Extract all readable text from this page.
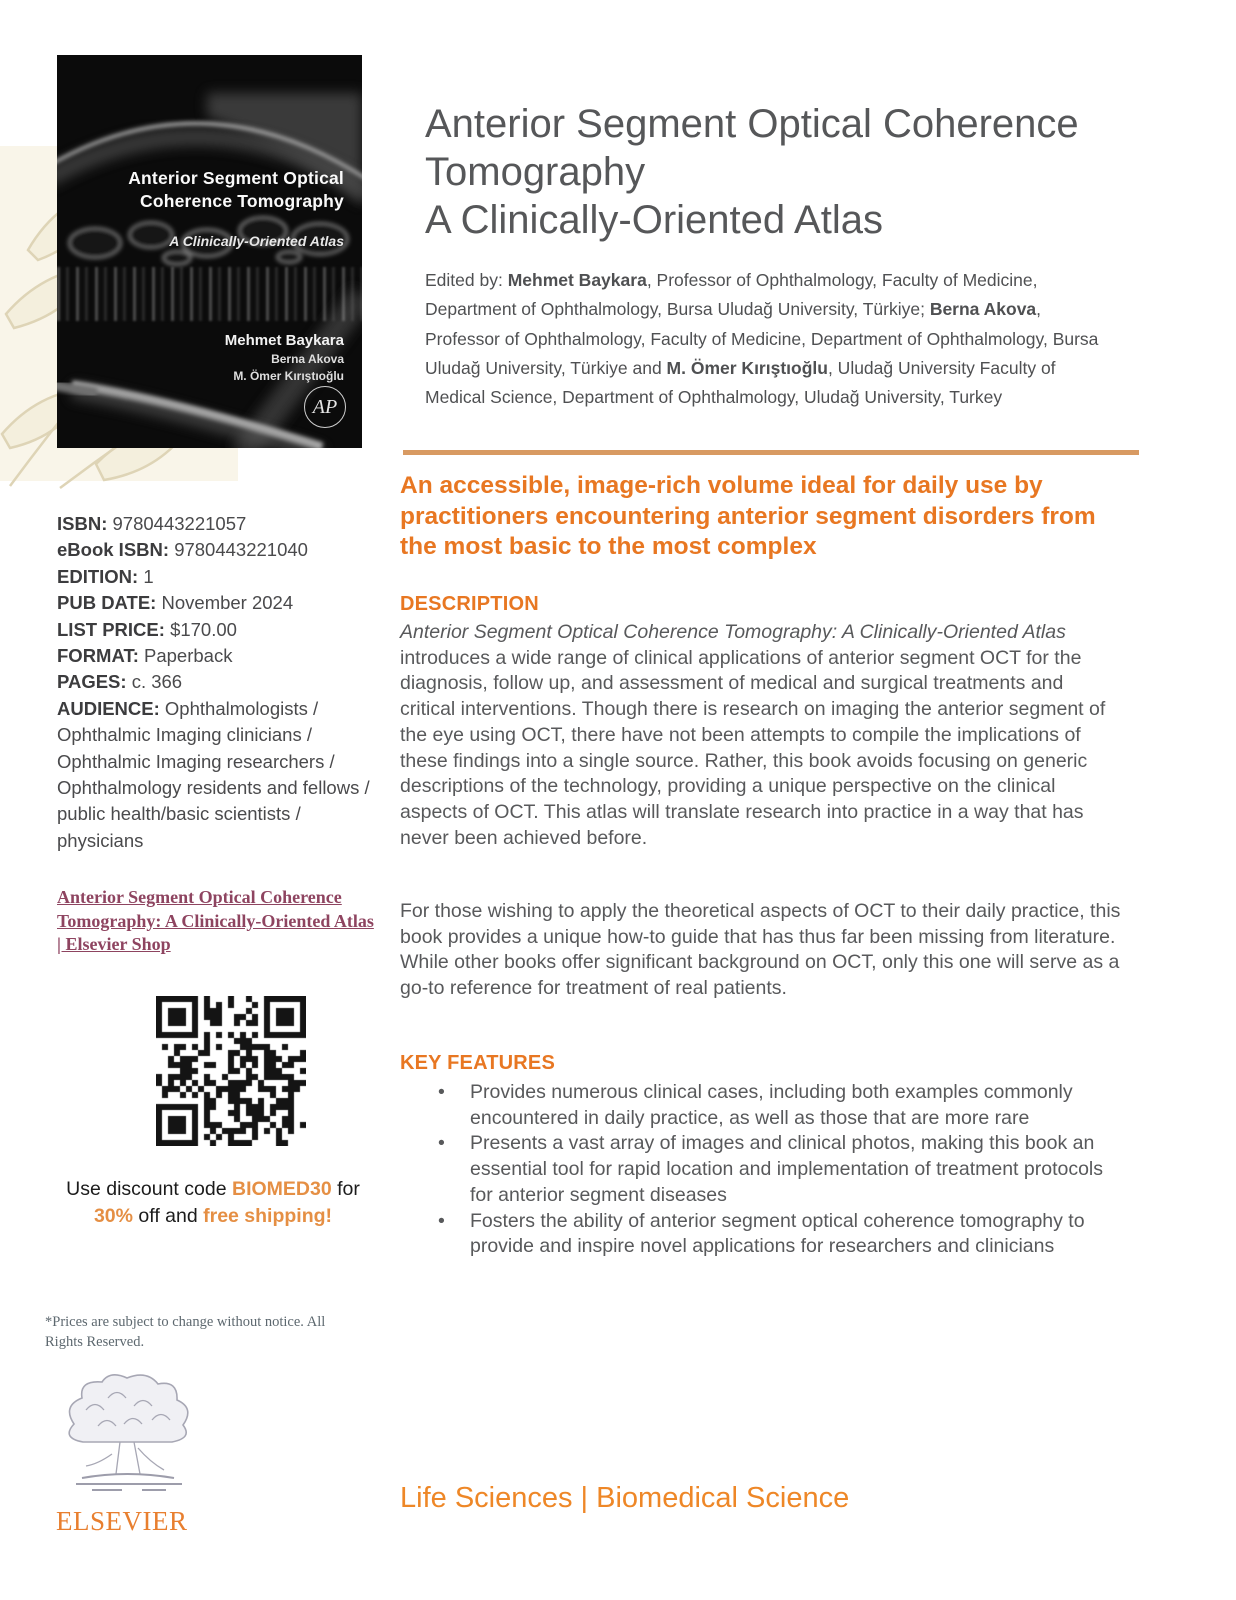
Anterior Segment Optical Coherence Tomography
A Clinically-Oriented Atlas
Mehmet Baykara
Berna Akova
M. Ömer Kırıştıoğlu
AP
ISBN: 9780443221057
eBook ISBN: 9780443221040
EDITION: 1
PUB DATE: November 2024
LIST PRICE: $170.00
FORMAT: Paperback
PAGES: c. 366
AUDIENCE: Ophthalmologists / Ophthalmic Imaging clinicians / Ophthalmic Imaging researchers / Ophthalmology residents and fellows / public health/basic scientists / physicians
Anterior Segment Optical Coherence Tomography: A Clinically-Oriented Atlas | Elsevier Shop
Use discount code BIOMED30 for 30% off and free shipping!
*Prices are subject to change without notice. All Rights Reserved.
ELSEVIER
Anterior Segment Optical Coherence Tomography
A Clinically-Oriented Atlas
Edited by: Mehmet Baykara, Professor of Ophthalmology, Faculty of Medicine, Department of Ophthalmology, Bursa Uludağ University, Türkiye; Berna Akova, Professor of Ophthalmology, Faculty of Medicine, Department of Ophthalmology, Bursa Uludağ University, Türkiye and M. Ömer Kırıştıoğlu, Uludağ University Faculty of Medical Science, Department of Ophthalmology, Uludağ University, Turkey
An accessible, image-rich volume ideal for daily use by practitioners encountering anterior segment disorders from the most basic to the most complex
DESCRIPTION
Anterior Segment Optical Coherence Tomography: A Clinically-Oriented Atlas introduces a wide range of clinical applications of anterior segment OCT for the diagnosis, follow up, and assessment of medical and surgical treatments and critical interventions. Though there is research on imaging the anterior segment of the eye using OCT, there have not been attempts to compile the implications of these findings into a single source. Rather, this book avoids focusing on generic descriptions of the technology, providing a unique perspective on the clinical aspects of OCT. This atlas will translate research into practice in a way that has never been achieved before.
For those wishing to apply the theoretical aspects of OCT to their daily practice, this book provides a unique how-to guide that has thus far been missing from literature. While other books offer significant background on OCT, only this one will serve as a go-to reference for treatment of real patients.
KEY FEATURES
•	Provides numerous clinical cases, including both examples commonly encountered in daily practice, as well as those that are more rare
•	Presents a vast array of images and clinical photos, making this book an essential tool for rapid location and implementation of treatment protocols for anterior segment diseases
•	Fosters the ability of anterior segment optical coherence tomography to provide and inspire novel applications for researchers and clinicians
Life Sciences | Biomedical Science
